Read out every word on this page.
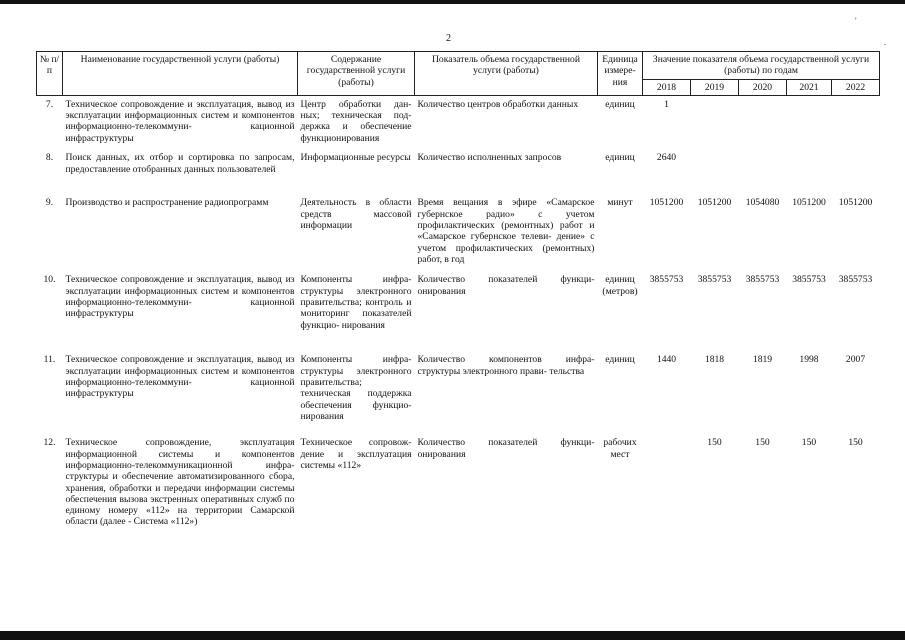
2
'
.
№ п/п	Наименование государственной услуги (работы)	Содержание государственной услуги (работы)	Показатель объема государственной услуги (работы)	Единица измере- ния	Значение показателя объема государственной услуги (работы) по годам				
					2018	2019	2020	2021	2022
7.	Техническое сопровождение и эксплуатация, вывод из эксплуатации информационных систем и компонентов информационно-телекоммуни- кационной инфраструктуры	Центр обработки дан- ных; техническая под- держка и обеспечение функционирования	Количество центров обработки данных	единиц	1				
8.	Поиск данных, их отбор и сортировка по запросам, предоставление отобранных данных пользователей	Информационные ресурсы	Количество исполненных запросов	единиц	2640				
9.	Производство и распространение радиопрограмм	Деятельность в области средств массовой информации	Время вещания в эфире «Самарское губернское радио» с учетом профилактических (ремонтных) работ и «Самарское губернское телеви- дение» с учетом профилактических (ремонтных) работ, в год	минут	1051200	1051200	1054080	1051200	1051200
10.	Техническое сопровождение и эксплуатация, вывод из эксплуатации информационных систем и компонентов информационно-телекоммуни- кационной инфраструктуры	Компоненты инфра- структуры электронного правительства; контроль и мониторинг показателей функцио- нирования	Количество показателей функци- онирования	единиц (метров)	3855753	3855753	3855753	3855753	3855753
11.	Техническое сопровождение и эксплуатация, вывод из эксплуатации информационных систем и компонентов информационно-телекоммуни- кационной инфраструктуры	Компоненты инфра- структуры электронного правительства; техническая поддержка обеспечения функцио- нирования	Количество компонентов инфра- структуры электронного прави- тельства	единиц	1440	1818	1819	1998	2007
12.	Техническое сопровождение, эксплуатация информационной системы и компонентов информационно-телекоммуникационной инфра- структуры и обеспечение автоматизированного сбора, хранения, обработки и передачи информации системы обеспечения вызова экстренных оперативных служб по единому номеру «112» на территории Самарской области (далее - Система «112»)	Техническое сопровож- дение и эксплуатация системы «112»	Количество показателей функци- онирования	рабочих мест		150	150	150	150
